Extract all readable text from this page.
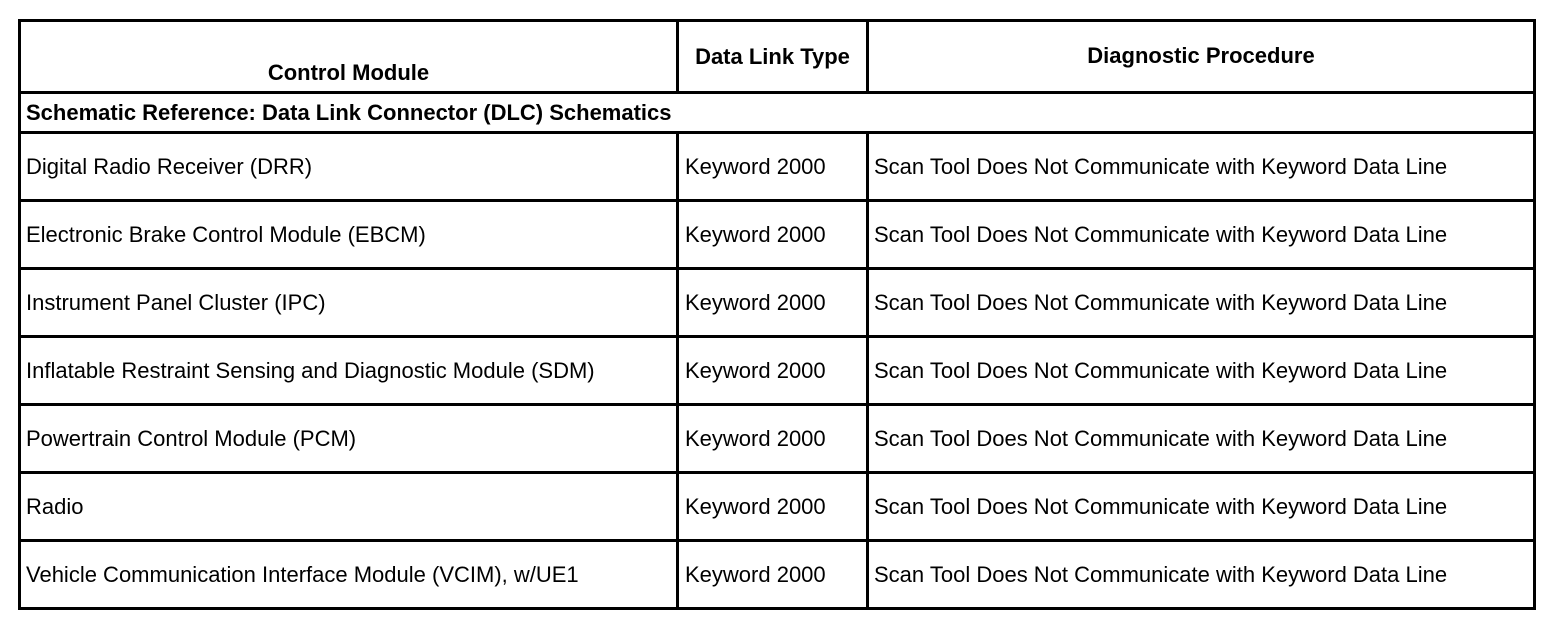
Control Module	Data Link Type	Diagnostic Procedure
Schematic Reference: Data Link Connector (DLC) Schematics		
Digital Radio Receiver (DRR)	Keyword 2000	Scan Tool Does Not Communicate with Keyword Data Line
Electronic Brake Control Module (EBCM)	Keyword 2000	Scan Tool Does Not Communicate with Keyword Data Line
Instrument Panel Cluster (IPC)	Keyword 2000	Scan Tool Does Not Communicate with Keyword Data Line
Inflatable Restraint Sensing and Diagnostic Module (SDM)	Keyword 2000	Scan Tool Does Not Communicate with Keyword Data Line
Powertrain Control Module (PCM)	Keyword 2000	Scan Tool Does Not Communicate with Keyword Data Line
Radio	Keyword 2000	Scan Tool Does Not Communicate with Keyword Data Line
Vehicle Communication Interface Module (VCIM), w/UE1	Keyword 2000	Scan Tool Does Not Communicate with Keyword Data Line
